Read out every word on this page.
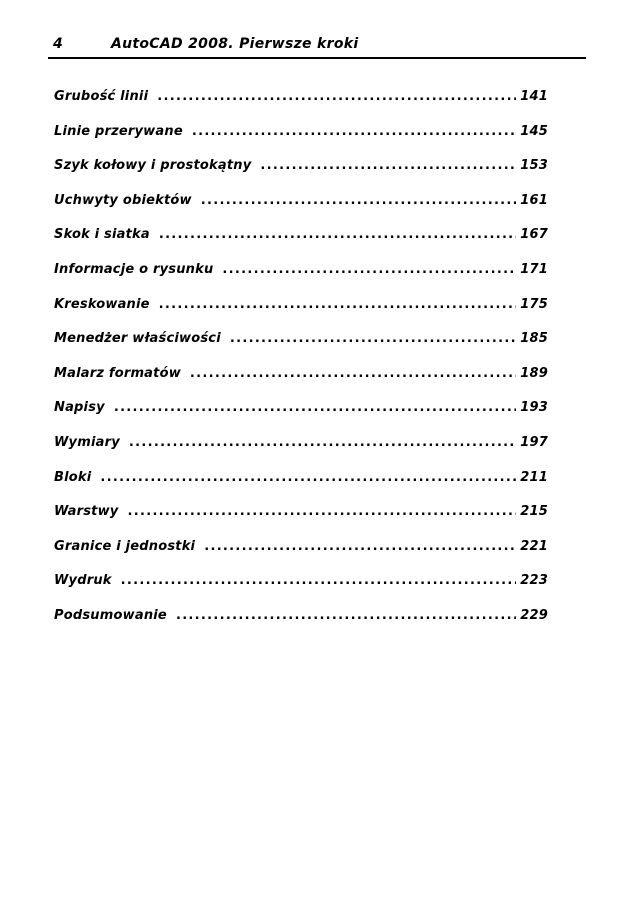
4	AutoCAD 2008. Pierwsze kroki
Grubość linii .....	141
Linie przerywane .....	145
Szyk kołowy i prostokątny .....	153
Uchwyty obiektów .....	161
Skok i siatka .....	167
Informacje o rysunku .....	171
Kreskowanie .....	175
Menedżer właściwości .....	185
Malarz formatów .....	189
Napisy .....	193
Wymiary .....	197
Bloki .....	211
Warstwy .....	215
Granice i jednostki .....	221
Wydruk .....	223
Podsumowanie .....	229
